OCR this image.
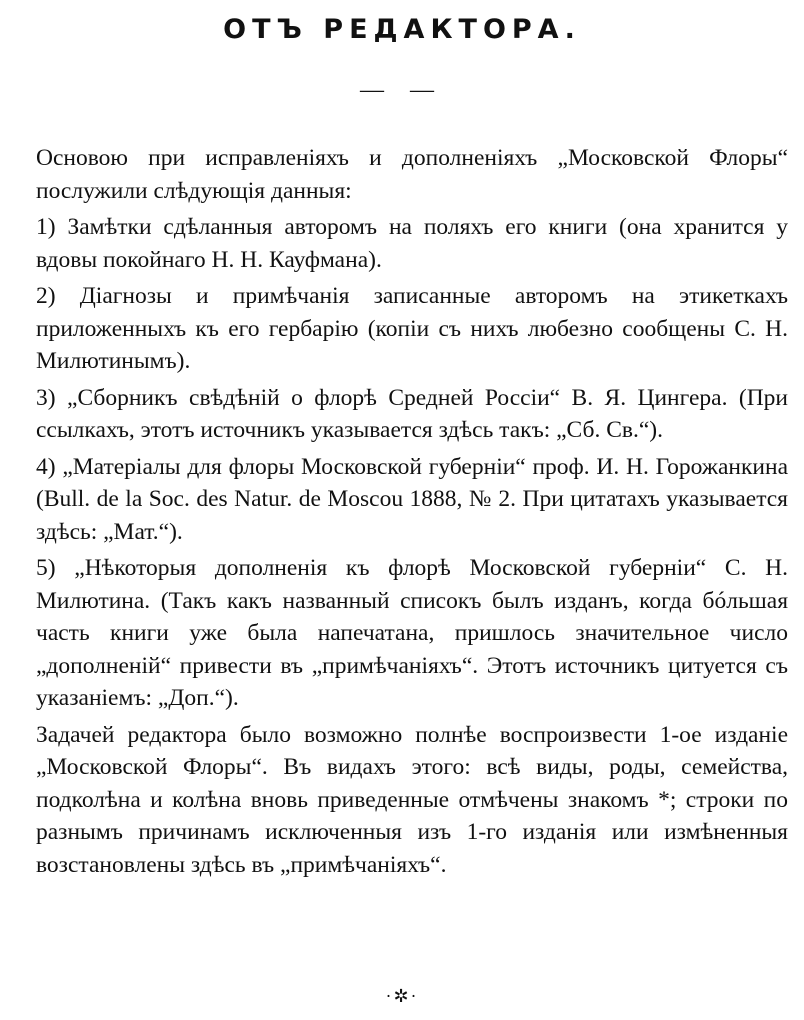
ОТЪ РЕДАКТОРА.
— —

Основою при исправленіяхъ и дополненіяхъ „Московской Флоры“ послужили слѣдующія данныя:

1) Замѣтки сдѣланныя авторомъ на поляхъ его книги (она хранится у вдовы покойнаго Н. Н. Кауфмана).

2) Діагнозы и примѣчанія записанные авторомъ на этикеткахъ приложенныхъ къ его гербарію (копіи съ нихъ любезно сообщены С. Н. Милютинымъ).

3) „Сборникъ свѣдѣній о флорѣ Средней Россіи“ В. Я. Цингера. (При ссылкахъ, этотъ источникъ указывается здѣсь такъ: „Сб. Св.“).

4) „Матеріалы для флоры Московской губерніи“ проф. И. Н. Горожанкина (Bull. de la Soc. des Natur. de Moscou 1888, № 2. При цитатахъ указывается здѣсь: „Мат.“).

5) „Нѣкоторыя дополненія къ флорѣ Московской губерніи“ С. Н. Милютина. (Такъ какъ названный списокъ былъ изданъ, когда бóльшая часть книги уже была напечатана, пришлось значительное число „дополненій“ привести въ „примѣчаніяхъ“. Этотъ источникъ цитуется съ указаніемъ: „Доп.“).

Задачей редактора было возможно полнѣе воспроизвести 1-ое изданіе „Московской Флоры“. Въ видахъ этого: всѣ виды, роды, семейства, подколѣна и колѣна вновь приведенные отмѣчены знакомъ *; строки по разнымъ причинамъ исключенныя изъ 1-го изданія или измѣненныя возстановлены здѣсь въ „примѣчаніяхъ“.

·✲·
